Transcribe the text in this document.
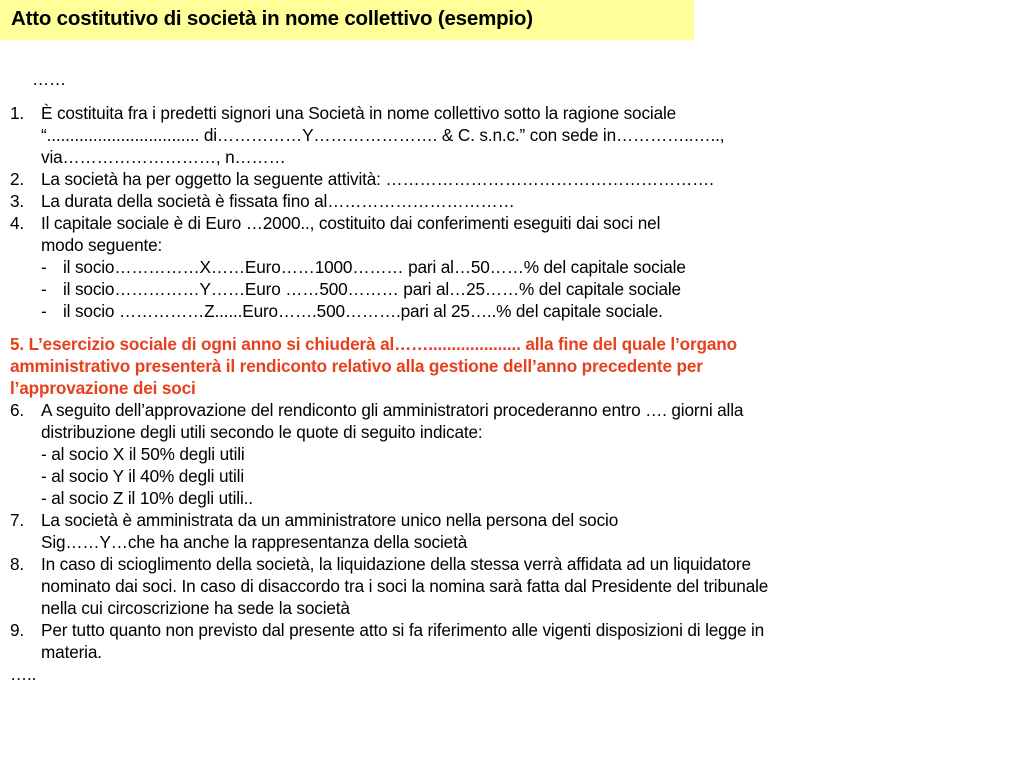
Atto costitutivo di società in nome collettivo (esempio)
……
1. È costituita fra i predetti signori una Società in nome collettivo sotto la ragione sociale
“................................. di……………Y…………………. & C. s.n.c.” con sede in…………..…..,
via………………………, n………
2. La società ha per oggetto la seguente attività: ………………………………………………….
3. La durata della società è fissata fino al……………………………
4. Il capitale sociale è di Euro …2000.., costituito dai conferimenti eseguiti dai soci nel
modo seguente:
- il socio……………X……Euro……1000……… pari al…50……% del capitale sociale
- il socio……………Y……Euro ……500……… pari al…25……% del capitale sociale
- il socio ……………Z......Euro…….500……….pari al 25…..% del capitale sociale.
5. L’esercizio sociale di ogni anno si chiuderà al…….................... alla fine del quale l’organo
amministrativo presenterà il rendiconto relativo alla gestione dell’anno precedente per
l’approvazione dei soci
6. A seguito dell’approvazione del rendiconto gli amministratori procederanno entro …. giorni alla
distribuzione degli utili secondo le quote di seguito indicate:
- al socio X il 50% degli utili
- al socio Y il 40% degli utili
- al socio Z il 10% degli utili..
7. La società è amministrata da un amministratore unico nella persona del socio
Sig……Y…che ha anche la rappresentanza della società
8. In caso di scioglimento della società, la liquidazione della stessa verrà affidata ad un liquidatore
nominato dai soci. In caso di disaccordo tra i soci la nomina sarà fatta dal Presidente del tribunale
nella cui circoscrizione ha sede la società
9. Per tutto quanto non previsto dal presente atto si fa riferimento alle vigenti disposizioni di legge in
materia.
…..
